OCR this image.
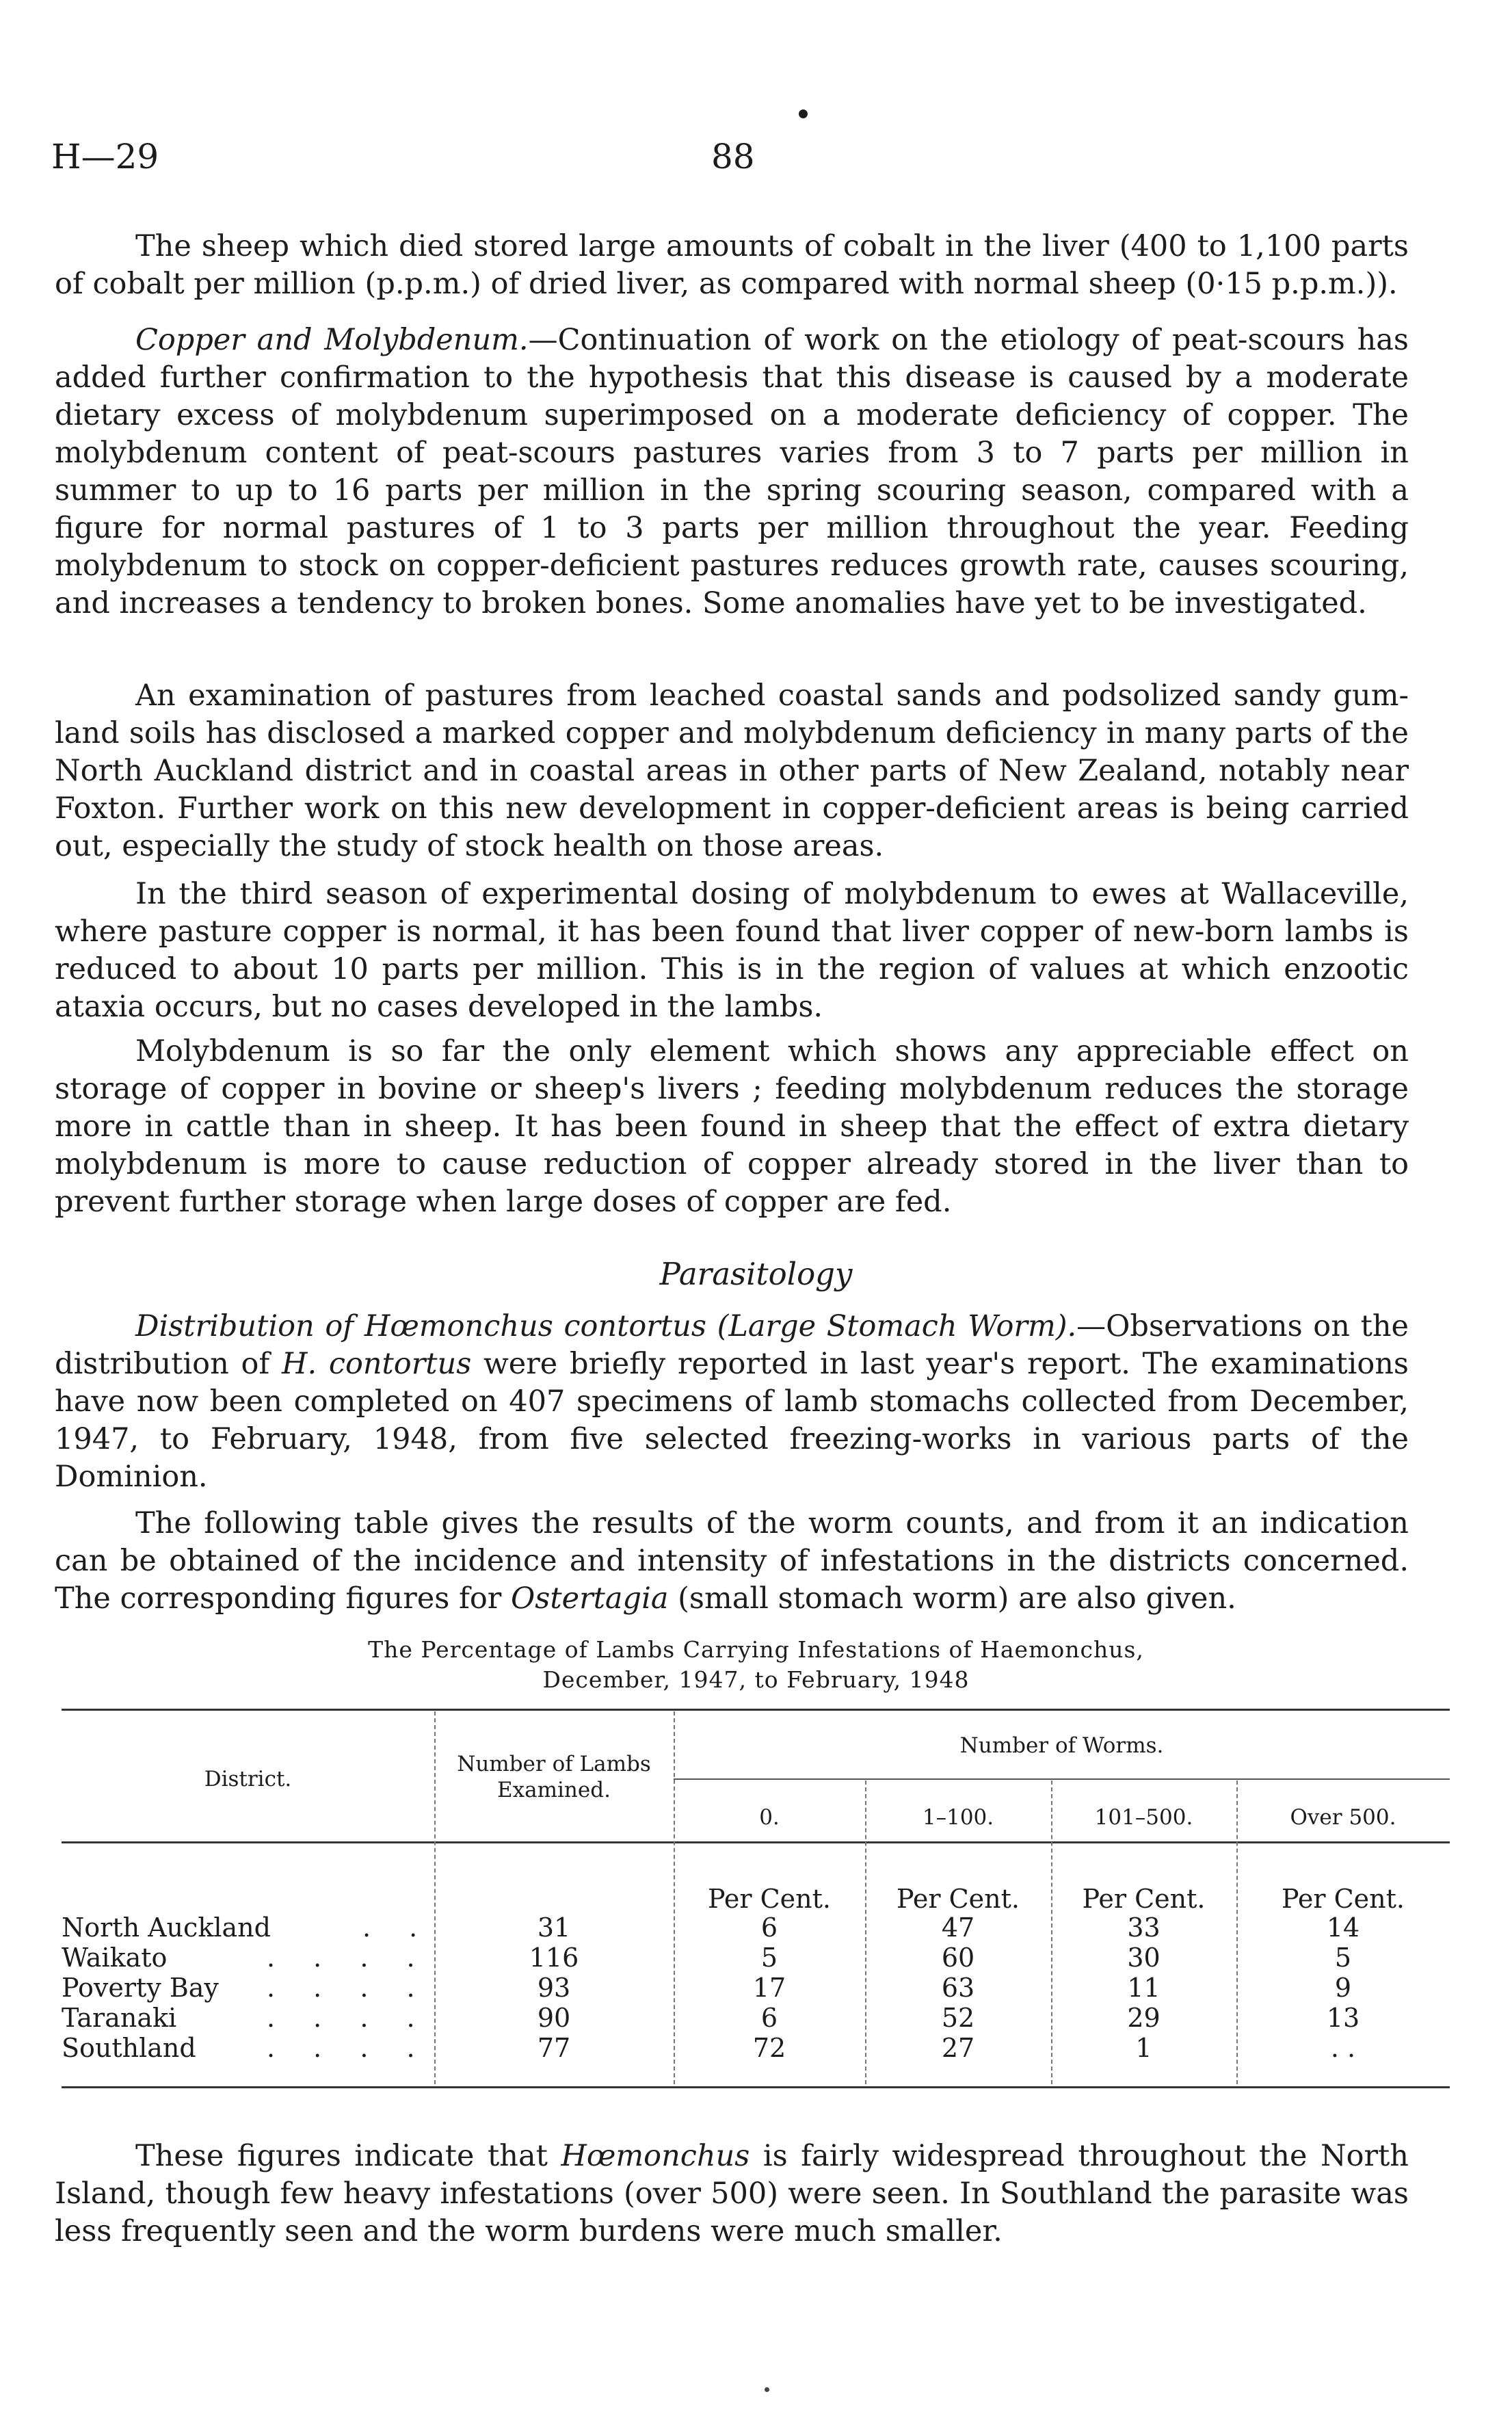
H—29	88

The sheep which died stored large amounts of cobalt in the liver (400 to 1,100 parts of cobalt per million (p.p.m.) of dried liver, as compared with normal sheep (0·15 p.p.m.)).

Copper and Molybdenum.—Continuation of work on the etiology of peat-scours has added further confirmation to the hypothesis that this disease is caused by a moderate dietary excess of molybdenum superimposed on a moderate deficiency of copper. The molybdenum content of peat-scours pastures varies from 3 to 7 parts per million in summer to up to 16 parts per million in the spring scouring season, compared with a figure for normal pastures of 1 to 3 parts per million throughout the year. Feeding molybdenum to stock on copper-deficient pastures reduces growth rate, causes scouring, and increases a tendency to broken bones. Some anomalies have yet to be investigated.

An examination of pastures from leached coastal sands and podsolized sandy gum-land soils has disclosed a marked copper and molybdenum deficiency in many parts of the North Auckland district and in coastal areas in other parts of New Zealand, notably near Foxton. Further work on this new development in copper-deficient areas is being carried out, especially the study of stock health on those areas.

In the third season of experimental dosing of molybdenum to ewes at Wallaceville, where pasture copper is normal, it has been found that liver copper of new-born lambs is reduced to about 10 parts per million. This is in the region of values at which enzootic ataxia occurs, but no cases developed in the lambs.

Molybdenum is so far the only element which shows any appreciable effect on storage of copper in bovine or sheep's livers ; feeding molybdenum reduces the storage more in cattle than in sheep. It has been found in sheep that the effect of extra dietary molybdenum is more to cause reduction of copper already stored in the liver than to prevent further storage when large doses of copper are fed.

Parasitology

Distribution of Hœmonchus contortus (Large Stomach Worm).—Observations on the distribution of H. contortus were briefly reported in last year's report. The examinations have now been completed on 407 specimens of lamb stomachs collected from December, 1947, to February, 1948, from five selected freezing-works in various parts of the Dominion.

The following table gives the results of the worm counts, and from it an indication can be obtained of the incidence and intensity of infestations in the districts concerned. The corresponding figures for Ostertagia (small stomach worm) are also given.

The Percentage of Lambs Carrying Infestations of Haemonchus,
December, 1947, to February, 1948
District.
Number of Lambs Examined.
Number of Worms.
0.	1–100.	101–500.	Over 500.
Per Cent.	Per Cent.	Per Cent.	Per Cent.
North Auckland	. .	31	6	47	33	14
Waikato	. . . .	116	5	60	30	5
Poverty Bay . . . .	93	17	63	11	9
Taranaki	. . . .	90	6	52	29	13
Southland	. . . .	77	72	27	1	. .

These figures indicate that Hœmonchus is fairly widespread throughout the North Island, though few heavy infestations (over 500) were seen. In Southland the parasite was less frequently seen and the worm burdens were much smaller.
